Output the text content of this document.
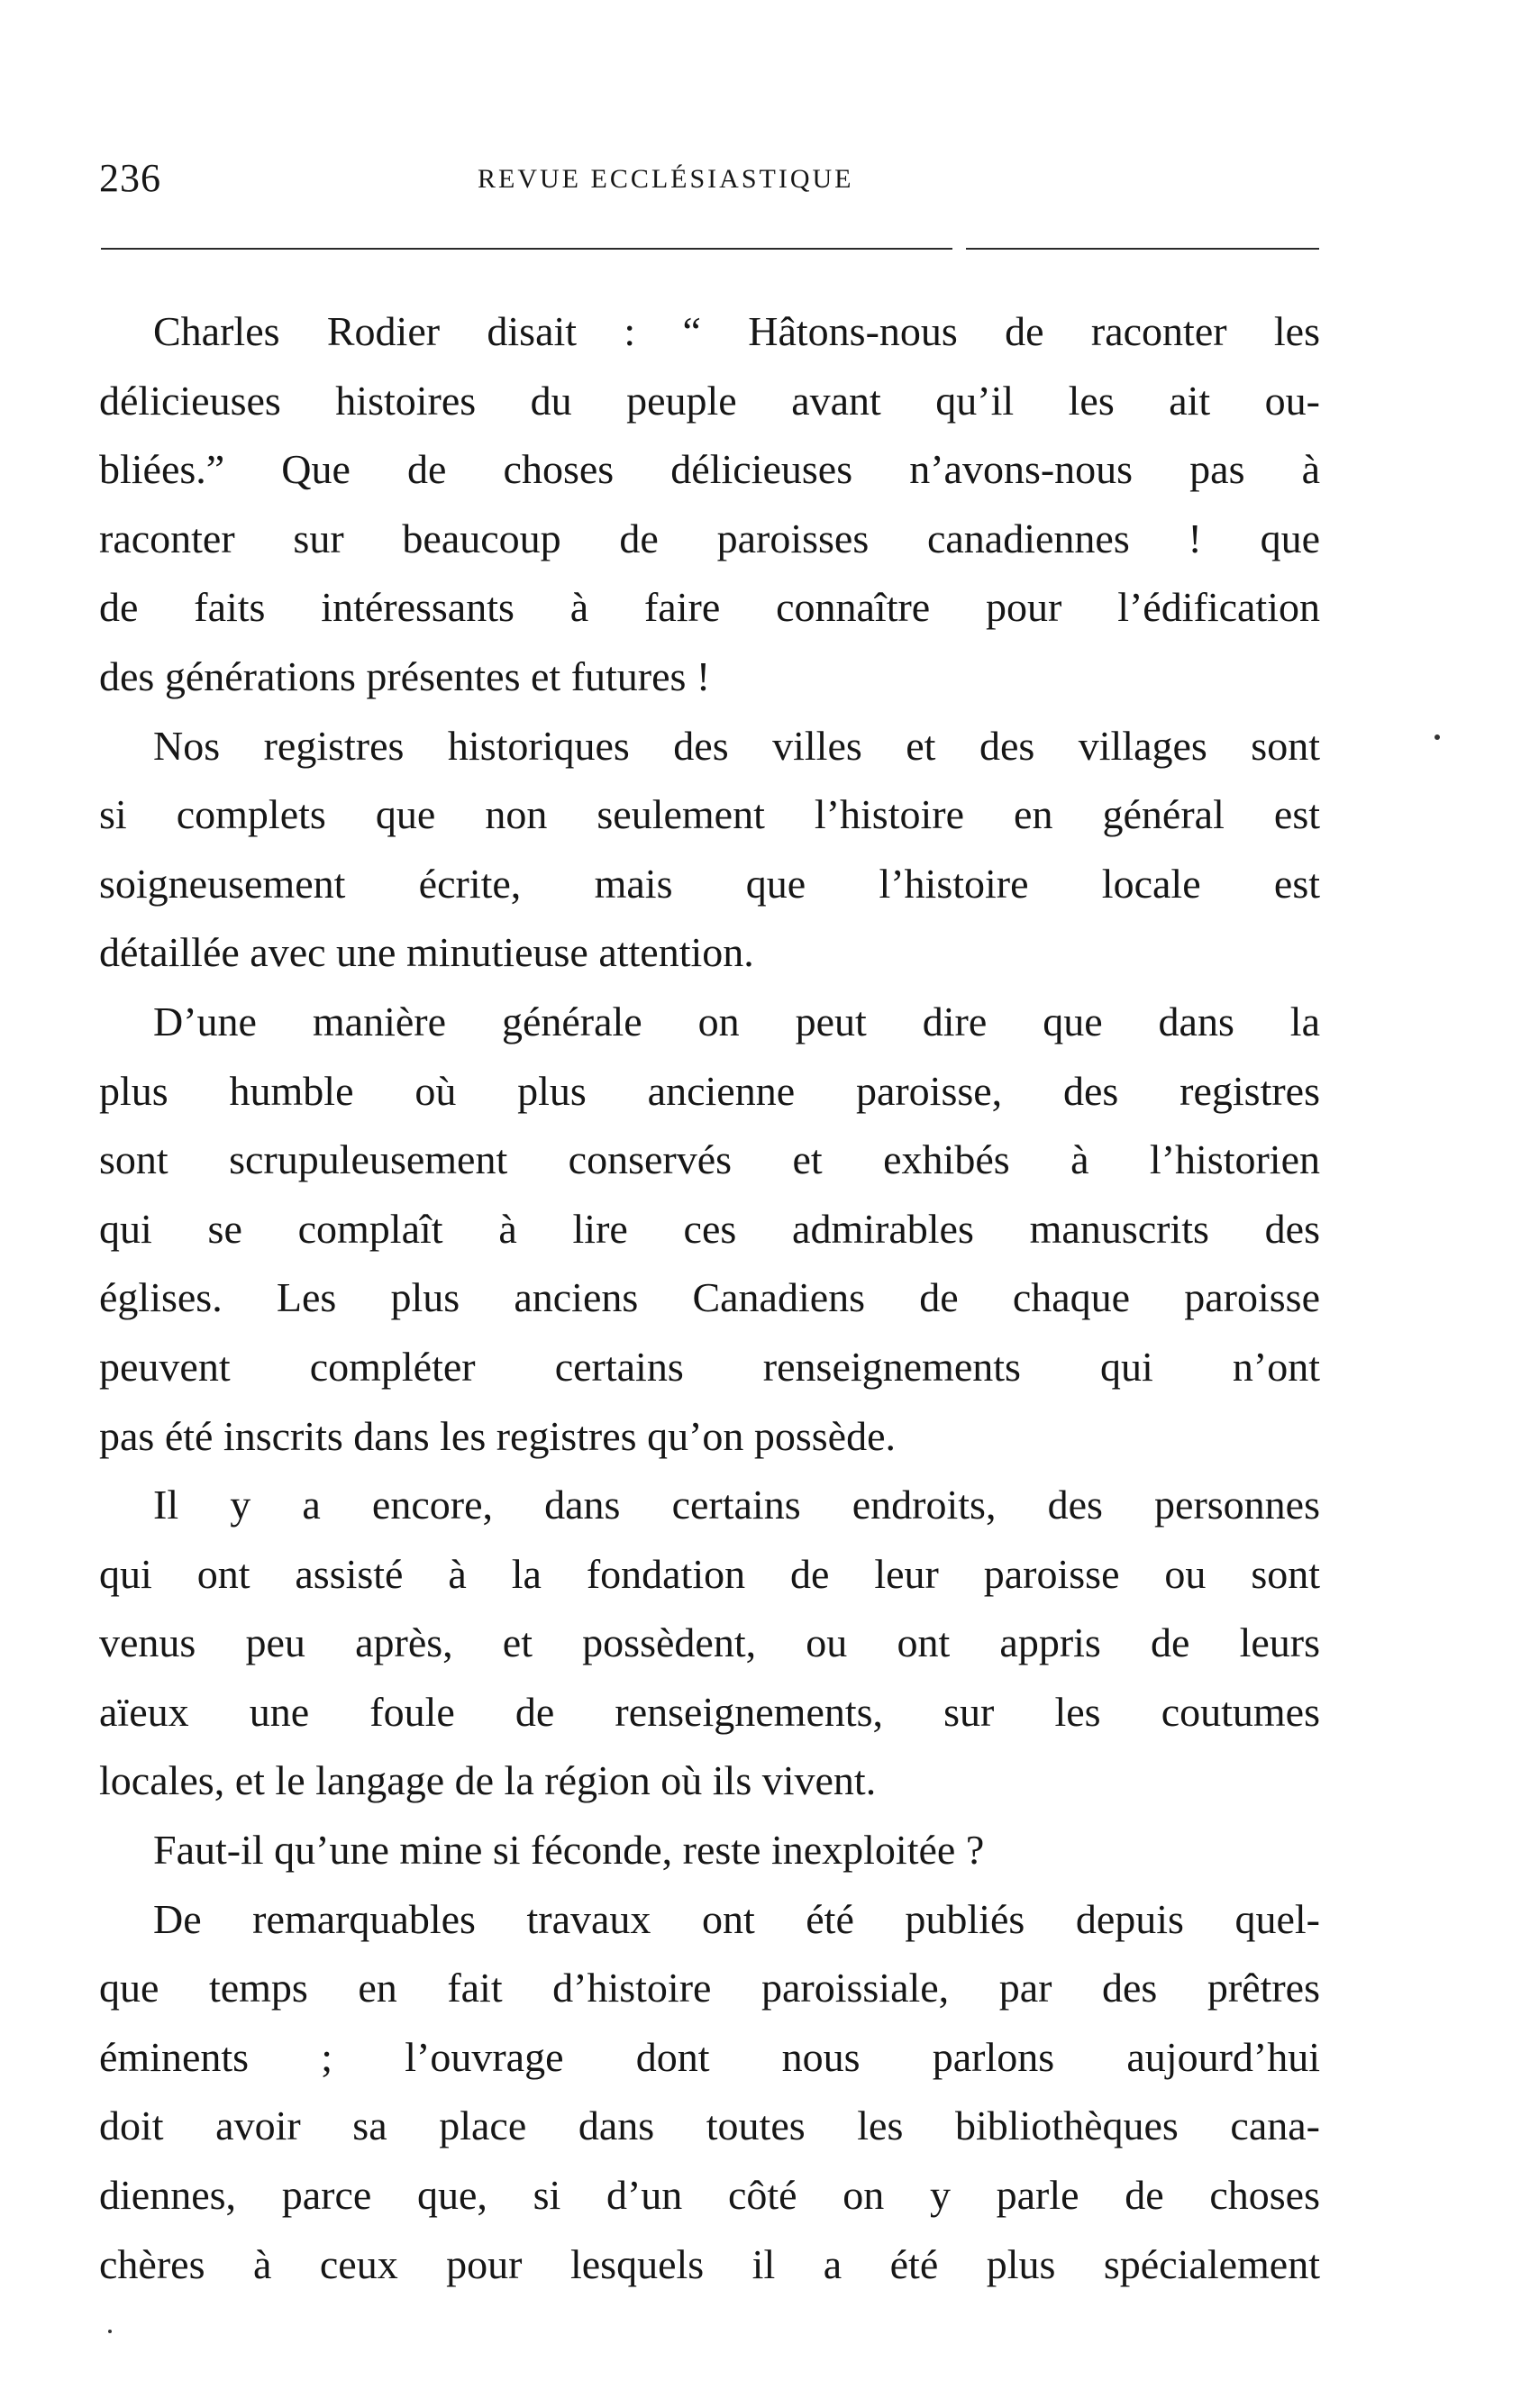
236	REVUE ECCLÉSIASTIQUE
Charles Rodier disait : “ Hâtons-nous de raconter les
délicieuses histoires du peuple avant qu’il les ait ou-
bliées.” Que de choses délicieuses n’avons-nous pas à
raconter sur beaucoup de paroisses canadiennes ! que
de faits intéressants à faire connaître pour l’édification
des générations présentes et futures !
Nos registres historiques des villes et des villages sont
si complets que non seulement l’histoire en général est
soigneusement écrite, mais que l’histoire locale est
détaillée avec une minutieuse attention.
D’une manière générale on peut dire que dans la
plus humble où plus ancienne paroisse, des registres
sont scrupuleusement conservés et exhibés à l’historien
qui se complaît à lire ces admirables manuscrits des
églises. Les plus anciens Canadiens de chaque paroisse
peuvent compléter certains renseignements qui n’ont
pas été inscrits dans les registres qu’on possède.
Il y a encore, dans certains endroits, des personnes
qui ont assisté à la fondation de leur paroisse ou sont
venus peu après, et possèdent, ou ont appris de leurs
aïeux une foule de renseignements, sur les coutumes
locales, et le langage de la région où ils vivent.
Faut-il qu’une mine si féconde, reste inexploitée ?
De remarquables travaux ont été publiés depuis quel-
que temps en fait d’histoire paroissiale, par des prêtres
éminents ; l’ouvrage dont nous parlons aujourd’hui
doit avoir sa place dans toutes les bibliothèques cana-
diennes, parce que, si d’un côté on y parle de choses
chères à ceux pour lesquels il a été plus spécialement
